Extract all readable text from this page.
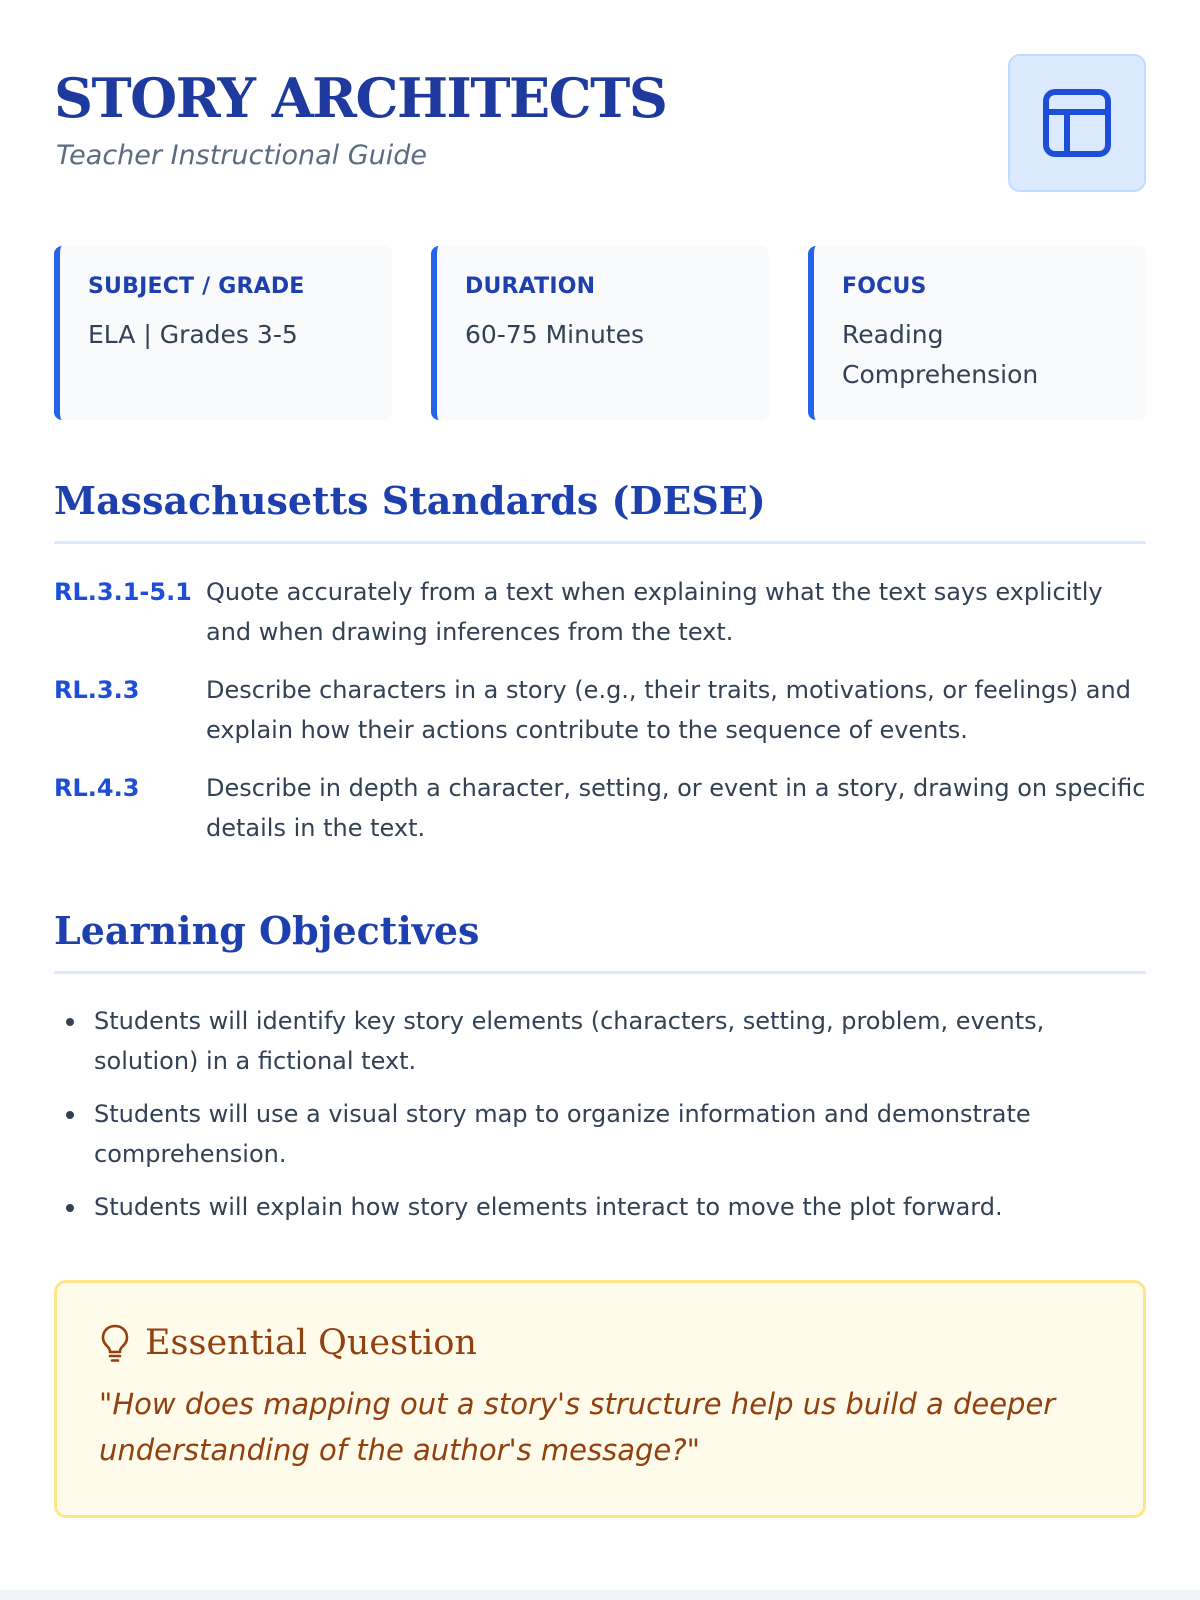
STORY ARCHITECTS
Teacher Instructional Guide
SUBJECT / GRADE
ELA | Grades 3-5
DURATION
60-75 Minutes
FOCUS
Reading Comprehension
Massachusetts Standards (DESE)
RL.3.1-5.1 Quote accurately from a text when explaining what the text says explicitly and when drawing inferences from the text.
RL.3.3	Describe characters in a story (e.g., their traits, motivations, or feelings) and explain how their actions contribute to the sequence of events.
RL.4.3	Describe in depth a character, setting, or event in a story, drawing on specific details in the text.
Learning Objectives
Students will identify key story elements (characters, setting, problem, events, solution) in a fictional text.
Students will use a visual story map to organize information and demonstrate comprehension.
Students will explain how story elements interact to move the plot forward.
Essential Question
"How does mapping out a story's structure help us build a deeper understanding of the author's message?"
